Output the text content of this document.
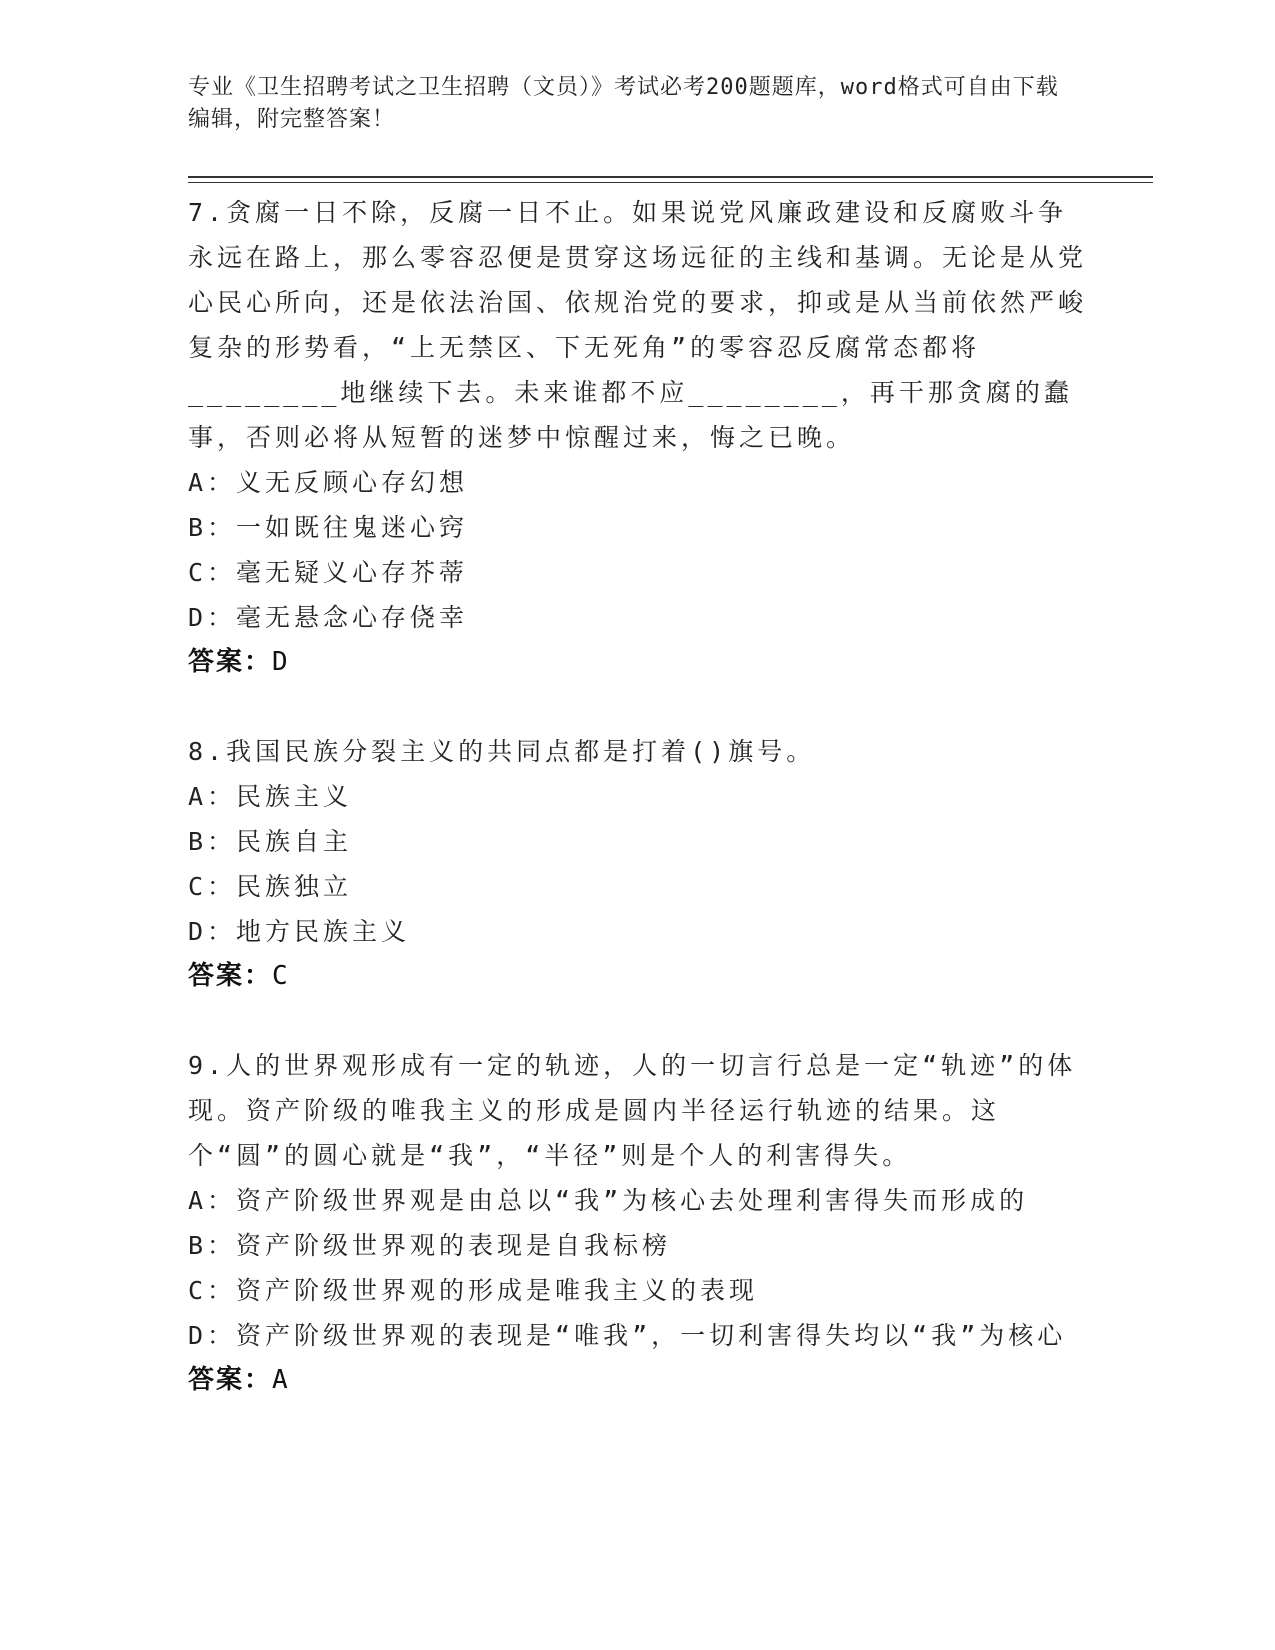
专业《卫生招聘考试之卫生招聘（文员）》考试必考200题题库，word格式可自由下载编辑，附完整答案！

7.贪腐一日不除，反腐一日不止。如果说党风廉政建设和反腐败斗争永远在路上，那么零容忍便是贯穿这场远征的主线和基调。无论是从党心民心所向，还是依法治国、依规治党的要求，抑或是从当前依然严峻复杂的形势看，“上无禁区、下无死角”的零容忍反腐常态都将________地继续下去。未来谁都不应________，再干那贪腐的蠢事，否则必将从短暂的迷梦中惊醒过来，悔之已晚。

A：义无反顾心存幻想

B：一如既往鬼迷心窍

C：毫无疑义心存芥蒂

D：毫无悬念心存侥幸

答案：D

8.我国民族分裂主义的共同点都是打着()旗号。

A：民族主义

B：民族自主

C：民族独立

D：地方民族主义

答案：C

9.人的世界观形成有一定的轨迹，人的一切言行总是一定“轨迹”的体现。资产阶级的唯我主义的形成是圆内半径运行轨迹的结果。这个“圆”的圆心就是“我”，“半径”则是个人的利害得失。

A：资产阶级世界观是由总以“我”为核心去处理利害得失而形成的

B：资产阶级世界观的表现是自我标榜

C：资产阶级世界观的形成是唯我主义的表现

D：资产阶级世界观的表现是“唯我”，一切利害得失均以“我”为核心

答案：A
